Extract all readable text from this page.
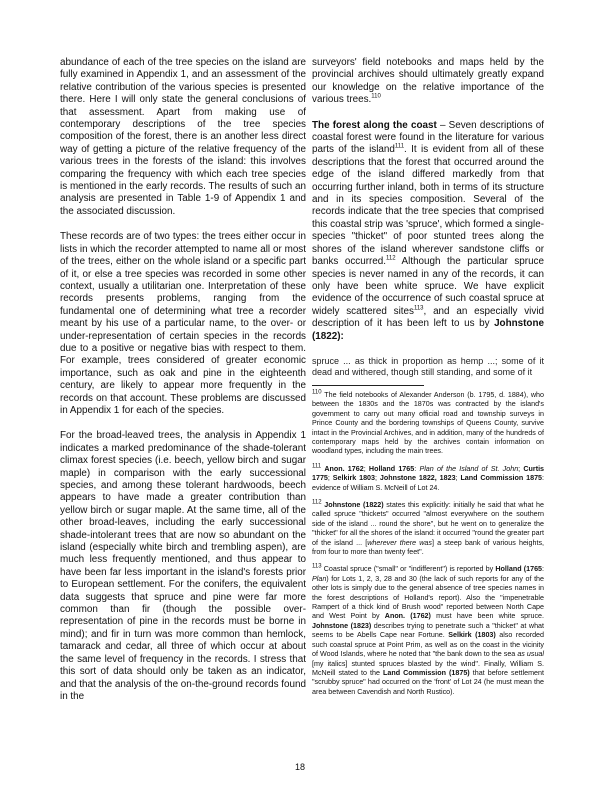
abundance of each of the tree species on the island are fully examined in Appendix 1, and an assessment of the relative contribution of the various species is presented there. Here I will only state the general conclusions of that assessment. Apart from making use of contemporary descriptions of the tree species composition of the forest, there is an another less direct way of getting a picture of the relative frequency of the various trees in the forests of the island: this involves comparing the frequency with which each tree species is mentioned in the early records. The results of such an analysis are presented in Table 1-9 of Appendix 1 and the associated discussion.

These records are of two types: the trees either occur in lists in which the recorder attempted to name all or most of the trees, either on the whole island or a specific part of it, or else a tree species was recorded in some other context, usually a utilitarian one. Interpretation of these records presents problems, ranging from the fundamental one of determining what tree a recorder meant by his use of a particular name, to the over- or under-representation of certain species in the records due to a positive or negative bias with respect to them. For example, trees considered of greater economic importance, such as oak and pine in the eighteenth century, are likely to appear more frequently in the records on that account. These problems are discussed in Appendix 1 for each of the species.

For the broad-leaved trees, the analysis in Appendix 1 indicates a marked predominance of the shade-tolerant climax forest species (i.e. beech, yellow birch and sugar maple) in comparison with the early successional species, and among these tolerant hardwoods, beech appears to have made a greater contribution than yellow birch or sugar maple. At the same time, all of the other broad-leaves, including the early successional shade-intolerant trees that are now so abundant on the island (especially white birch and trembling aspen), are much less frequently mentioned, and thus appear to have been far less important in the island's forests prior to European settlement. For the conifers, the equivalent data suggests that spruce and pine were far more common than fir (though the possible over-representation of pine in the records must be borne in mind); and fir in turn was more common than hemlock, tamarack and cedar, all three of which occur at about the same level of frequency in the records. I stress that this sort of data should only be taken as an indicator, and that the analysis of the on-the-ground records found in the

surveyors' field notebooks and maps held by the provincial archives should ultimately greatly expand our knowledge on the relative importance of the various trees.$^{110}$

The forest along the coast – Seven descriptions of coastal forest were found in the literature for various parts of the island$^{111}$. It is evident from all of these descriptions that the forest that occurred around the edge of the island differed markedly from that occurring further inland, both in terms of its structure and in its species composition. Several of the records indicate that the tree species that comprised this coastal strip was 'spruce', which formed a single-species "thicket" of poor stunted trees along the shores of the island wherever sandstone cliffs or banks occurred.$^{112}$ Although the particular spruce species is never named in any of the records, it can only have been white spruce. We have explicit evidence of the occurrence of such coastal spruce at widely scattered sites$^{113}$, and an especially vivid description of it has been left to us by Johnstone (1822):

spruce ... as thick in proportion as hemp ...; some of it dead and withered, though still standing, and some of it

$^{110}$ The field notebooks of Alexander Anderson (b. 1795, d. 1884), who between the 1830s and the 1870s was contracted by the island's government to carry out many official road and township surveys in Prince County and the bordering townships of Queens County, survive intact in the Provincial Archives, and in addition, many of the hundreds of contemporary maps held by the archives contain information on woodland types, including the main trees.

$^{111}$ Anon. 1762; Holland 1765: Plan of the Island of St. John; Curtis 1775; Selkirk 1803; Johnstone 1822, 1823; Land Commission 1875: evidence of William S. McNeill of Lot 24.

$^{112}$ Johnstone (1822) states this explicitly: initially he said that what he called spruce "thickets" occurred "almost everywhere on the southern side of the island ... round the shore", but he went on to generalize the "thicket" for all the shores of the island: it occurred "round the greater part of the island ... [wherever there was] a steep bank of various heights, from four to more than twenty feet".

$^{113}$ Coastal spruce ("small" or "indifferent") is reported by Holland (1765: Plan) for Lots 1, 2, 3, 28 and 30 (the lack of such reports for any of the other lots is simply due to the general absence of tree species names in the forest descriptions of Holland's report). Also the "impenetrable Rampert of a thick kind of Brush wood" reported between North Cape and West Point by Anon. (1762) must have been white spruce. Johnstone (1823) describes trying to penetrate such a "thicket" at what seems to be Abells Cape near Fortune. Selkirk (1803) also recorded such coastal spruce at Point Prim, as well as on the coast in the vicinity of Wood Islands, where he noted that "the bank down to the sea as usual [my italics] stunted spruces blasted by the wind". Finally, William S. McNeill stated to the Land Commission (1875) that before settlement "scrubby spruce" had occurred on the 'front' of Lot 24 (he must mean the area between Cavendish and North Rustico).

18
